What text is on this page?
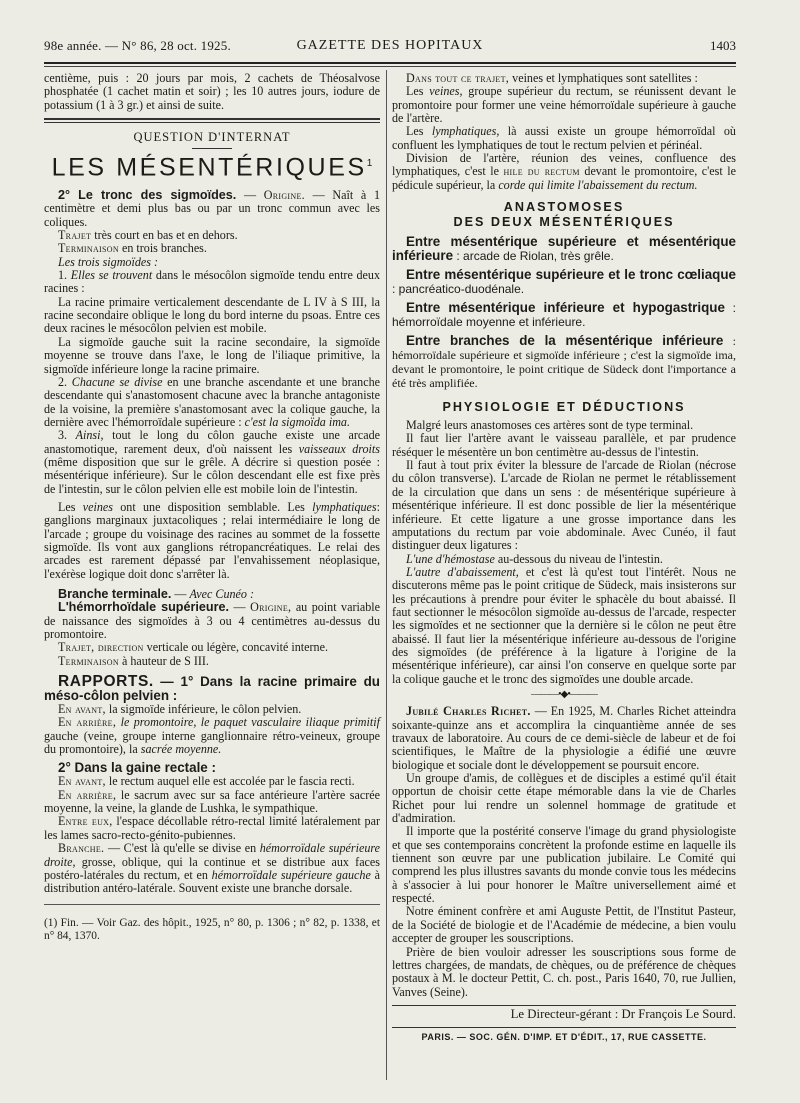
98e année. — N° 86, 28 oct. 1925.	GAZETTE DES HOPITAUX	1403

centième, puis : 20 jours par mois, 2 cachets de Théosalvose phosphatée (1 cachet matin et soir) ; les 10 autres jours, iodure de potassium (1 à 3 gr.) et ainsi de suite.

QUESTION D'INTERNAT
LES MÉSENTÉRIQUES$^1$

2° Le tronc des sigmoïdes. — Origine. — Naît à 1 centimètre et demi plus bas ou par un tronc commun avec les coliques.

Trajet très court en bas et en dehors.

Terminaison en trois branches.

Les trois sigmoïdes :

1. Elles se trouvent dans le mésocôlon sigmoïde tendu entre deux racines :

La racine primaire verticalement descendante de L IV à S III, la racine secondaire oblique le long du bord interne du psoas. Entre ces deux racines le mésocôlon pelvien est mobile.

La sigmoïde gauche suit la racine secondaire, la sigmoïde moyenne se trouve dans l'axe, le long de l'iliaque primitive, la sigmoïde inférieure longe la racine primaire.

2. Chacune se divise en une branche ascendante et une branche descendante qui s'anastomosent chacune avec la branche antagoniste de la voisine, la première s'anastomosant avec la colique gauche, la dernière avec l'hémorroïdale supérieure : c'est la sigmoïda ima.

3. Ainsi, tout le long du côlon gauche existe une arcade anastomotique, rarement deux, d'où naissent les vaisseaux droits (même disposition que sur le grêle. A décrire si question posée : mésentérique inférieure). Sur le côlon descendant elle est fixe près de l'intestin, sur le côlon pelvien elle est mobile loin de l'intestin.

Les veines ont une disposition semblable. Les lymphatiques: ganglions marginaux juxtacoliques ; relai intermédiaire le long de l'arcade ; groupe du voisinage des racines au sommet de la fossette sigmoïde. Ils vont aux ganglions rétropancréatiques. Le relai des arcades est rarement dépassé par l'envahissement néoplasique, l'exérèse logique doit donc s'arrêter là.

Branche terminale. — Avec Cunéo :

L'hémorrhoïdale supérieure. — Origine, au point variable de naissance des sigmoïdes à 3 ou 4 centimètres au-dessus du promontoire.

Trajet, direction verticale ou légère, concavité interne.

Terminaison à hauteur de S III.

RAPPORTS. — 1° Dans la racine primaire du méso-côlon pelvien :

En avant, la sigmoïde inférieure, le côlon pelvien.

En arrière, le promontoire, le paquet vasculaire iliaque primitif gauche (veine, groupe interne ganglionnaire rétro-veineux, groupe du promontoire), la sacrée moyenne.

2° Dans la gaine rectale :

En avant, le rectum auquel elle est accolée par le fascia recti.

En arrière, le sacrum avec sur sa face antérieure l'artère sacrée moyenne, la veine, la glande de Lushka, le sympathique.

Entre eux, l'espace décollable rétro-rectal limité latéralement par les lames sacro-recto-génito-pubiennes.

Branche. — C'est là qu'elle se divise en hémorroïdale supérieure droite, grosse, oblique, qui la continue et se distribue aux faces postéro-latérales du rectum, et en hémorroïdale supérieure gauche à distribution antéro-latérale. Souvent existe une branche dorsale.

(1) Fin. — Voir Gaz. des hôpit., 1925, n° 80, p. 1306 ; n° 82, p. 1338, et n° 84, 1370.

Dans tout ce trajet, veines et lymphatiques sont satellites :

Les veines, groupe supérieur du rectum, se réunissent devant le promontoire pour former une veine hémorroïdale supérieure à gauche de l'artère.

Les lymphatiques, là aussi existe un groupe hémorroïdal où confluent les lymphatiques de tout le rectum pelvien et périnéal.

Division de l'artère, réunion des veines, confluence des lymphatiques, c'est le hile du rectum devant le promontoire, c'est le pédicule supérieur, la corde qui limite l'abaissement du rectum.

ANASTOMOSES
DES DEUX MÉSENTÉRIQUES

Entre mésentérique supérieure et mésentérique inférieure : arcade de Riolan, très grêle.

Entre mésentérique supérieure et le tronc cœliaque : pancréatico-duodénale.

Entre mésentérique inférieure et hypogastrique : hémorroïdale moyenne et inférieure.

Entre branches de la mésentérique inférieure : hémorroïdale supérieure et sigmoïde inférieure ; c'est la sigmoïde ima, devant le promontoire, le point critique de Südeck dont l'importance a été très amplifiée.

PHYSIOLOGIE ET DÉDUCTIONS

Malgré leurs anastomoses ces artères sont de type terminal.

Il faut lier l'artère avant le vaisseau parallèle, et par prudence réséquer le mésentère un bon centimètre au-dessus de l'intestin.

Il faut à tout prix éviter la blessure de l'arcade de Riolan (nécrose du côlon transverse). L'arcade de Riolan ne permet le rétablissement de la circulation que dans un sens : de mésentérique supérieure à mésentérique inférieure. Il est donc possible de lier la mésentérique inférieure. Et cette ligature a une grosse importance dans les amputations du rectum par voie abdominale. Avec Cunéo, il faut distinguer deux ligatures :

L'une d'hémostase au-dessous du niveau de l'intestin.

L'autre d'abaissement, et c'est là qu'est tout l'intérêt. Nous ne discuterons même pas le point critique de Südeck, mais insisterons sur les précautions à prendre pour éviter le sphacèle du bout abaissé. Il faut sectionner le mésocôlon sigmoïde au-dessus de l'arcade, respecter les sigmoïdes et ne sectionner que la dernière si le côlon ne peut être abaissé. Il faut lier la mésentérique inférieure au-dessous de l'origine des sigmoïdes (de préférence à la ligature à l'origine de la mésentérique inférieure), car ainsi l'on conserve en quelque sorte par la colique gauche et le tronc des sigmoïdes une double arcade.

———•◆•———

Jubilé Charles Richet. — En 1925, M. Charles Richet atteindra soixante-quinze ans et accomplira la cinquantième année de ses travaux de laboratoire. Au cours de ce demi-siècle de labeur et de foi scientifiques, le Maître de la physiologie a édifié une œuvre biologique et sociale dont le développement se poursuit encore.

Un groupe d'amis, de collègues et de disciples a estimé qu'il était opportun de choisir cette étape mémorable dans la vie de Charles Richet pour lui rendre un solennel hommage de gratitude et d'admiration.

Il importe que la postérité conserve l'image du grand physiologiste et que ses contemporains concrètent la profonde estime en laquelle ils tiennent son œuvre par une publication jubilaire. Le Comité qui comprend les plus illustres savants du monde convie tous les médecins à s'associer à lui pour honorer le Maître universellement aimé et respecté.

Notre éminent confrère et ami Auguste Pettit, de l'Institut Pasteur, de la Société de biologie et de l'Académie de médecine, a bien voulu accepter de grouper les souscriptions.

Prière de bien vouloir adresser les souscriptions sous forme de lettres chargées, de mandats, de chèques, ou de préférence de chèques postaux à M. le docteur Pettit, C. ch. post., Paris 1640, 70, rue Jullien, Vanves (Seine).

Le Directeur-gérant : Dr François Le Sourd.
PARIS. — SOC. GÉN. D'IMP. ET D'ÉDIT., 17, RUE CASSETTE.
